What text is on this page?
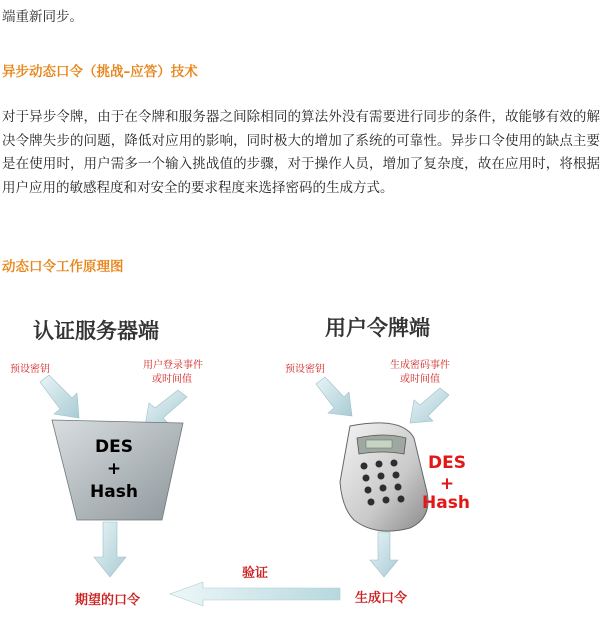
端重新同步。
异步动态口令（挑战–应答）技术

对于异步令牌，由于在令牌和服务器之间除相同的算法外没有需要进行同步的条件，故能够有效的解决令牌失步的问题，降低对应用的影响，同时极大的增加了系统的可靠性。异步口令使用的缺点主要是在使用时，用户需多一个输入挑战值的步骤，对于操作人员，增加了复杂度，故在应用时，将根据用户应用的敏感程度和对安全的要求程度来选择密码的生成方式。

动态口令工作原理图
认证服务器端	用户令牌端
预设密钥	用户登录事件
或时间值
预设密钥	生成密码事件
或时间值
DES
+
Hash
DES
+
Hash
验证
期望的口令	生成口令
